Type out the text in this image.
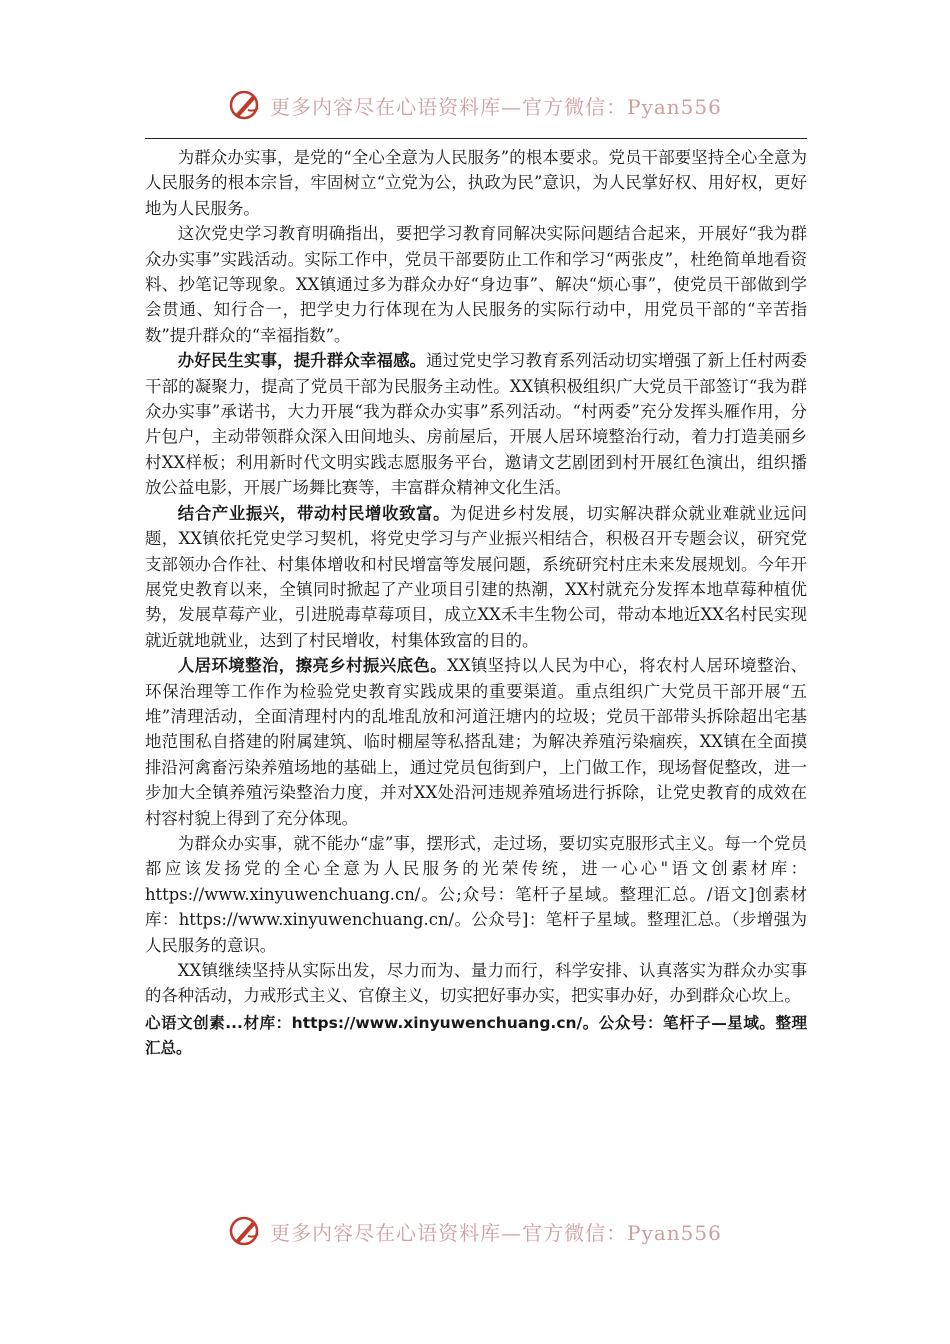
更多内容尽在心语资料库—官方微信：Pyan556

为群众办实事，是党的“全心全意为人民服务”的根本要求。党员干部要坚持全心全意为人民服务的根本宗旨，牢固树立“立党为公，执政为民”意识，为人民掌好权、用好权，更好地为人民服务。

这次党史学习教育明确指出，要把学习教育同解决实际问题结合起来，开展好“我为群众办实事”实践活动。实际工作中，党员干部要防止工作和学习“两张皮”，杜绝简单地看资料、抄笔记等现象。XX镇通过多为群众办好“身边事”、解决“烦心事”，使党员干部做到学会贯通、知行合一，把学史力行体现在为人民服务的实际行动中，用党员干部的“辛苦指数”提升群众的“幸福指数”。

办好民生实事，提升群众幸福感。通过党史学习教育系列活动切实增强了新上任村两委干部的凝聚力，提高了党员干部为民服务主动性。XX镇积极组织广大党员干部签订“我为群众办实事”承诺书，大力开展“我为群众办实事”系列活动。“村两委”充分发挥头雁作用，分片包户，主动带领群众深入田间地头、房前屋后，开展人居环境整治行动，着力打造美丽乡村XX样板；利用新时代文明实践志愿服务平台，邀请文艺剧团到村开展红色演出，组织播放公益电影，开展广场舞比赛等，丰富群众精神文化生活。

结合产业振兴，带动村民增收致富。为促进乡村发展，切实解决群众就业难就业远问题，XX镇依托党史学习契机，将党史学习与产业振兴相结合，积极召开专题会议，研究党支部领办合作社、村集体增收和村民增富等发展问题，系统研究村庄未来发展规划。今年开展党史教育以来，全镇同时掀起了产业项目引建的热潮，XX村就充分发挥本地草莓种植优势，发展草莓产业，引进脱毒草莓项目，成立XX禾丰生物公司，带动本地近XX名村民实现就近就地就业，达到了村民增收，村集体致富的目的。

人居环境整治，擦亮乡村振兴底色。XX镇坚持以人民为中心，将农村人居环境整治、环保治理等工作作为检验党史教育实践成果的重要渠道。重点组织广大党员干部开展“五堆”清理活动，全面清理村内的乱堆乱放和河道汪塘内的垃圾；党员干部带头拆除超出宅基地范围私自搭建的附属建筑、临时棚屋等私搭乱建；为解决养殖污染痼疾，XX镇在全面摸排沿河禽畜污染养殖场地的基础上，通过党员包街到户，上门做工作，现场督促整改，进一步加大全镇养殖污染整治力度，并对XX处沿河违规养殖场进行拆除，让党史教育的成效在村容村貌上得到了充分体现。

为群众办实事，就不能办“虚”事，摆形式，走过场，要切实克服形式主义。每一个党员都应该发扬党的全心全意为人民服务的光荣传统，进一心心"语文创素材库：https://www.xinyuwenchuang.cn/。公;众号：笔杆子星域。整理汇总。/语文]创素材库：https://www.xinyuwenchuang.cn/。公众号]：笔杆子星域。整理汇总。（步增强为人民服务的意识。

XX镇继续坚持从实际出发，尽力而为、量力而行，科学安排、认真落实为群众办实事的各种活动，力戒形式主义、官僚主义，切实把好事办实，把实事办好，办到群众心坎上。

心语文创素...材库：https://www.xinyuwenchuang.cn/。公众号：笔杆子—星域。整理汇总。

更多内容尽在心语资料库—官方微信：Pyan556
